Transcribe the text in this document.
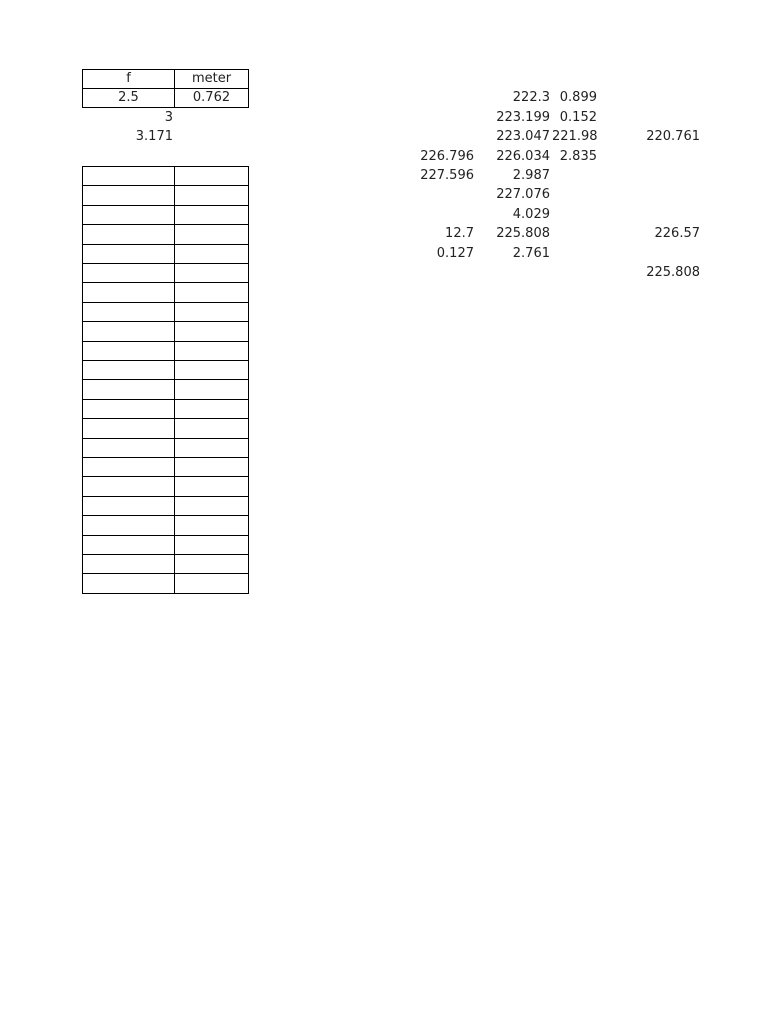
f	meter
2.5	0.762
3
3.171
226.796
227.596
12.7
0.127
222.3
223.199
223.047
226.034
2.987
227.076
4.029
225.808
2.761
0.899
0.152
221.98
2.835
220.761
226.57
225.808
